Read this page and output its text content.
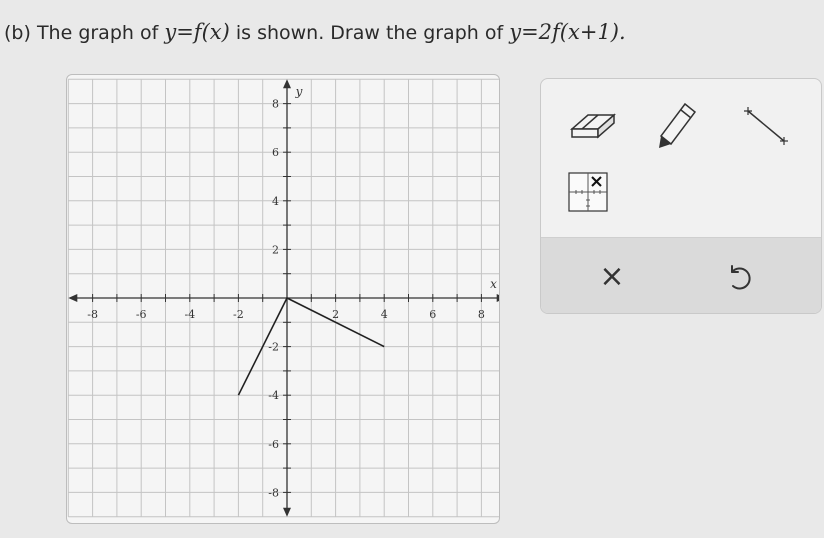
(b) The graph of y=f(x) is shown. Draw the graph of y=2f(x+1).
-8	-6	-4	-2	2	4	6	8
8
6
4
2
-2
-4
-6
-8
x
y
×
